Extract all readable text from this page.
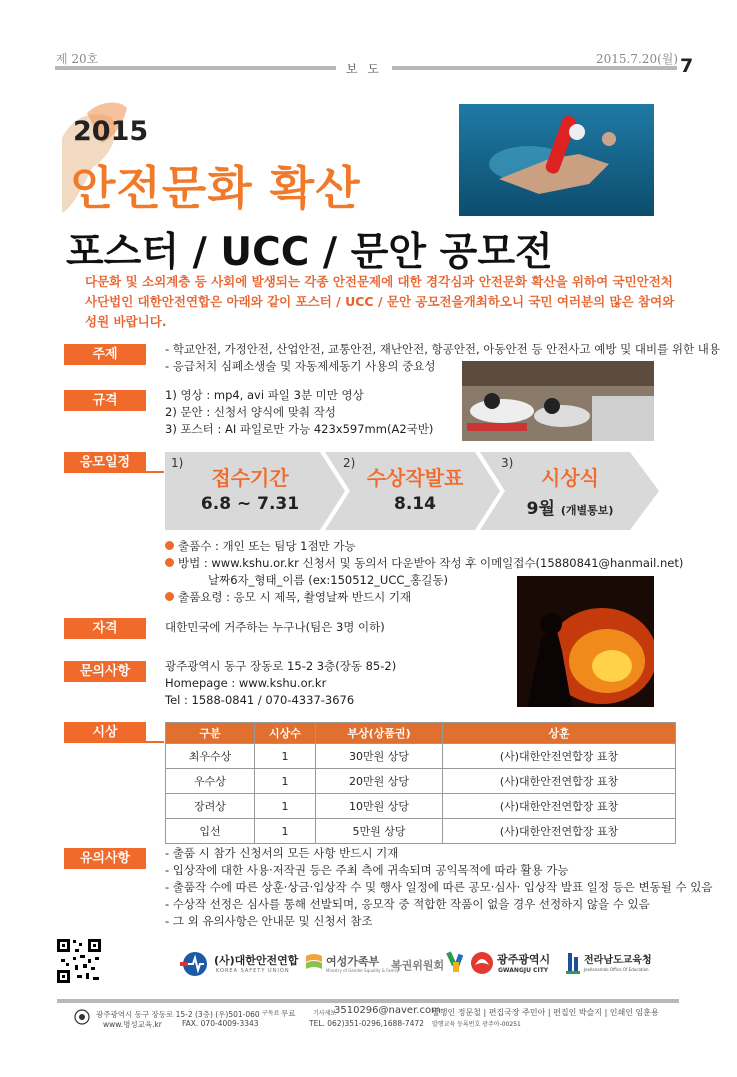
제 20호	2015.7.20(월)
보 도	7
2015
안전문화 확산
포스터 / UCC / 문안 공모전
다문화 및 소외계층 등 사회에 발생되는 각종 안전문제에 대한 경각심과 안전문화 확산을 위하여 국민안전처
사단법인 대한안전연합은 아래와 같이 포스터 / UCC / 문안 공모전을개최하오니 국민 여러분의 많은 참여와
성원 바랍니다.
주제	- 학교안전, 가정안전, 산업안전, 교통안전, 재난안전, 항공안전, 아동안전 등 안전사고 예방 및 대비를 위한 내용
- 응급처치 심폐소생술 및 자동제세동기 사용의 중요성
규격	1) 영상 : mp4, avi 파일 3분 미만 영상
2) 문안 : 신청서 양식에 맞춰 작성
3) 포스터 : AI 파일로만 가능 423x597mm(A2국반)
응모일정	1)
접수기간
6.8 ~ 7.31
2)
수상작발표
8.14
3)
시상식
9월 (개별통보)
출품수 : 개인 또는 팀당 1점만 가능
방법 : www.kshu.or.kr 신청서 및 동의서 다운받아 작성 후 이메일접수(15880841@hanmail.net)
날짜6자_형태_이름 (ex:150512_UCC_홍길동)
출품요령 : 응모 시 제목, 촬영날짜 반드시 기재
자격	대한민국에 거주하는 누구나(팀은 3명 이하)
문의사항	광주광역시 동구 장동로 15-2 3층(장동 85-2)
Homepage : www.kshu.or.kr
Tel : 1588-0841 / 070-4337-3676
시상	구분	시상수	부상(상품권)	상훈
최우수상	1	30만원 상당	(사)대한안전연합장 표창
우수상	1	20만원 상당	(사)대한안전연합장 표창
장려상	1	10만원 상당	(사)대한안전연합장 표창
입선	1	5만원 상당	(사)대한안전연합장 표창
유의사항	- 출품 시 참가 신청서의 모든 사항 반드시 기재
- 입상작에 대한 사용·저작권 등은 주최 측에 귀속되며 공익목적에 따라 활용 가능
- 출품작 수에 따른 상훈·상금·입상작 수 및 행사 일정에 따른 공모·심사· 입상작 발표 일정 등은 변동될 수 있음
- 수상작 선정은 심사를 통해 선발되며, 응모작 중 적합한 작품이 없을 경우 선정하지 않을 수 있음
- 그 외 유의사항은 안내문 및 신청서 참조
(사)대한안전연합
KOREA SAFETY UNION
여성가족부
Ministry of Gender Equality & Family
복권위원회	광주광역시
GWANGJU CITY
전라남도교육청
Jeollanamdo Office Of Education
광주광역시 동구 장동로 15-2 (3층) (우)501-060
www.명성교육.kr	FAX. 070-4009-3343
구독료 무료	기사제보
3510296@naver.com
TEL. 062)351-0296,1688-7472
발행인 정문철 | 편집국장 주민아 | 편집인 박슬지 | 인쇄인 임훈용
발행교육 등록번호 광주아-00251
